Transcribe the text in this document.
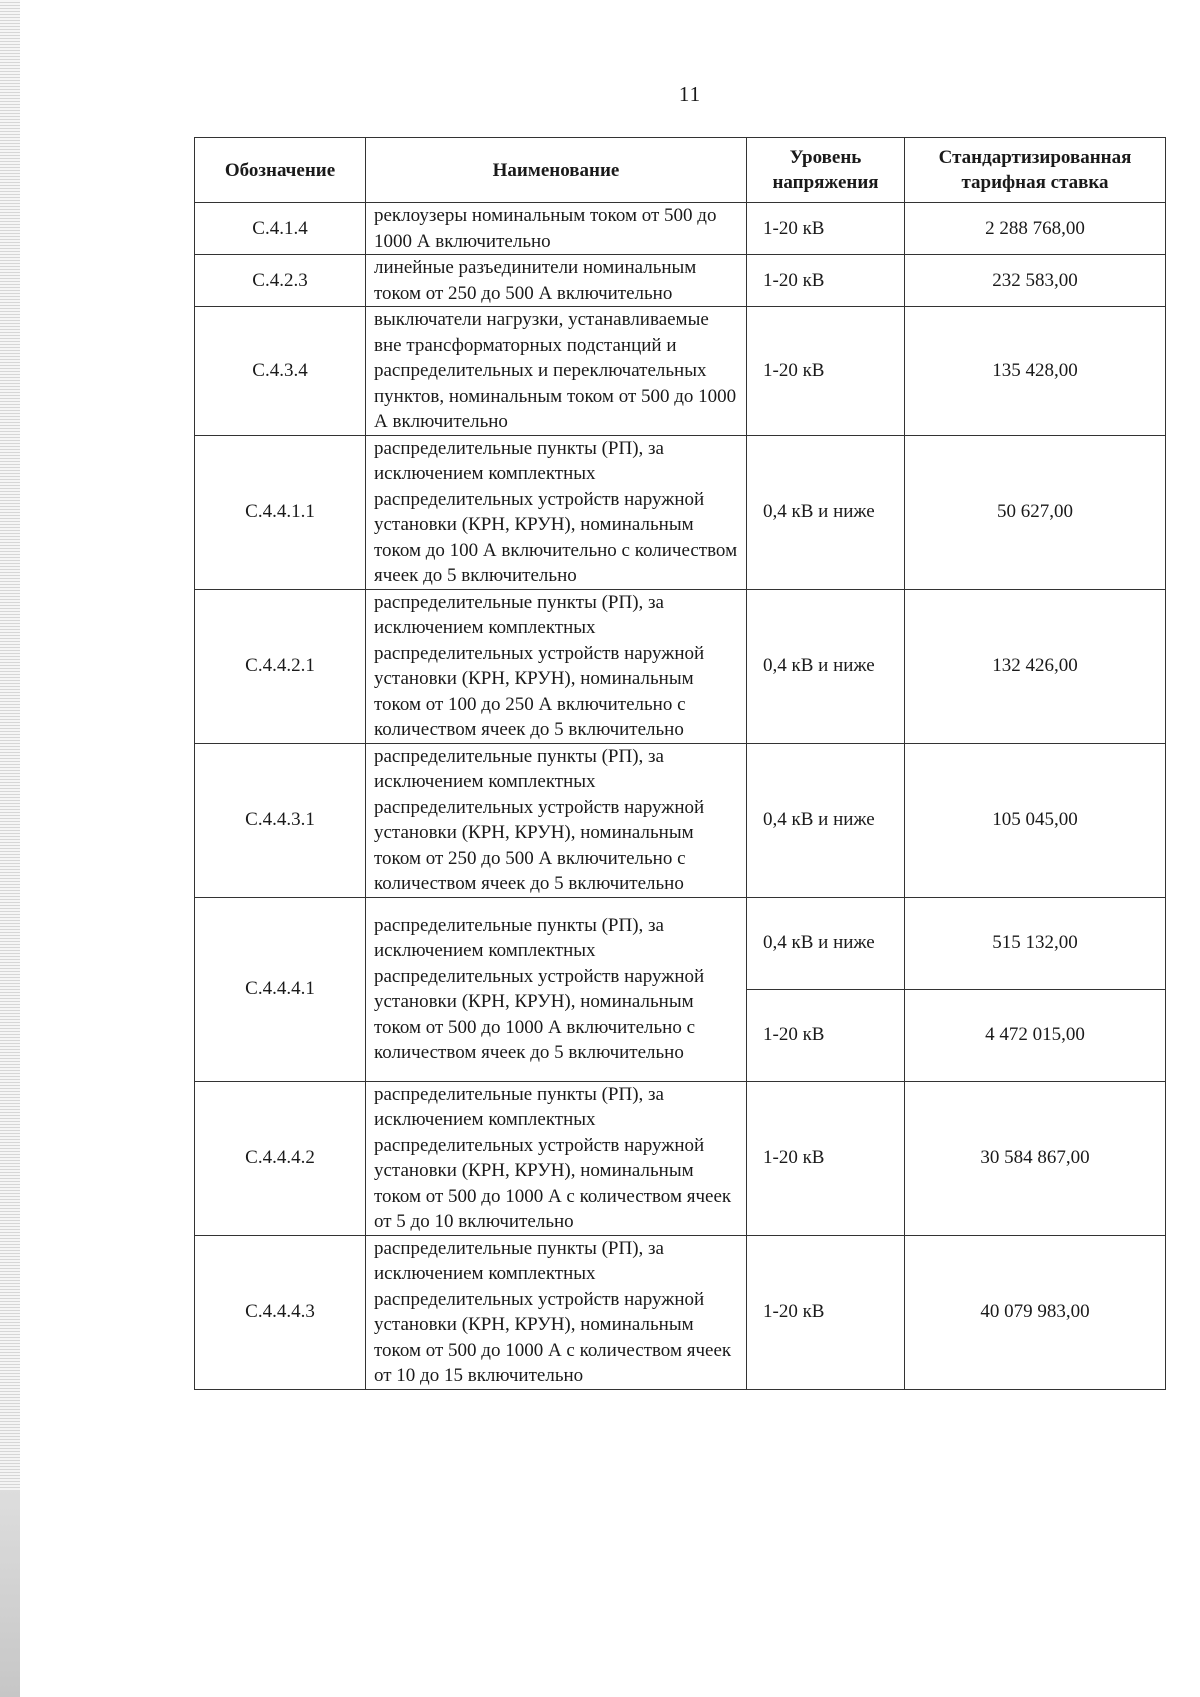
11
Обозначение	Наименование	Уровень напряжения	Стандартизированная тарифная ставка
С.4.1.4	реклоузеры номинальным током от 500 до 1000 А включительно	1-20 кВ	2 288 768,00
С.4.2.3	линейные разъединители номинальным током от 250 до 500 А включительно	1-20 кВ	232 583,00
С.4.3.4	выключатели нагрузки, устанавливаемые вне трансформаторных подстанций и распределительных и переключательных пунктов, номинальным током от 500 до 1000 А включительно	1-20 кВ	135 428,00
С.4.4.1.1	распределительные пункты (РП), за исключением комплектных распределительных устройств наружной установки (КРН, КРУН), номинальным током до 100 А включительно с количеством ячеек до 5 включительно	0,4 кВ и ниже	50 627,00
С.4.4.2.1	распределительные пункты (РП), за исключением комплектных распределительных устройств наружной установки (КРН, КРУН), номинальным током от 100 до 250 А включительно с количеством ячеек до 5 включительно	0,4 кВ и ниже	132 426,00
С.4.4.3.1	распределительные пункты (РП), за исключением комплектных распределительных устройств наружной установки (КРН, КРУН), номинальным током от 250 до 500 А включительно с количеством ячеек до 5 включительно	0,4 кВ и ниже	105 045,00
С.4.4.4.1	распределительные пункты (РП), за исключением комплектных распределительных устройств наружной установки (КРН, КРУН), номинальным током от 500 до 1000 А включительно с количеством ячеек до 5 включительно	0,4 кВ и ниже	515 132,00
		1-20 кВ	4 472 015,00
С.4.4.4.2	распределительные пункты (РП), за исключением комплектных распределительных устройств наружной установки (КРН, КРУН), номинальным током от 500 до 1000 А с количеством ячеек от 5 до 10 включительно	1-20 кВ	30 584 867,00
С.4.4.4.3	распределительные пункты (РП), за исключением комплектных распределительных устройств наружной установки (КРН, КРУН), номинальным током от 500 до 1000 А с количеством ячеек от 10 до 15 включительно	1-20 кВ	40 079 983,00
